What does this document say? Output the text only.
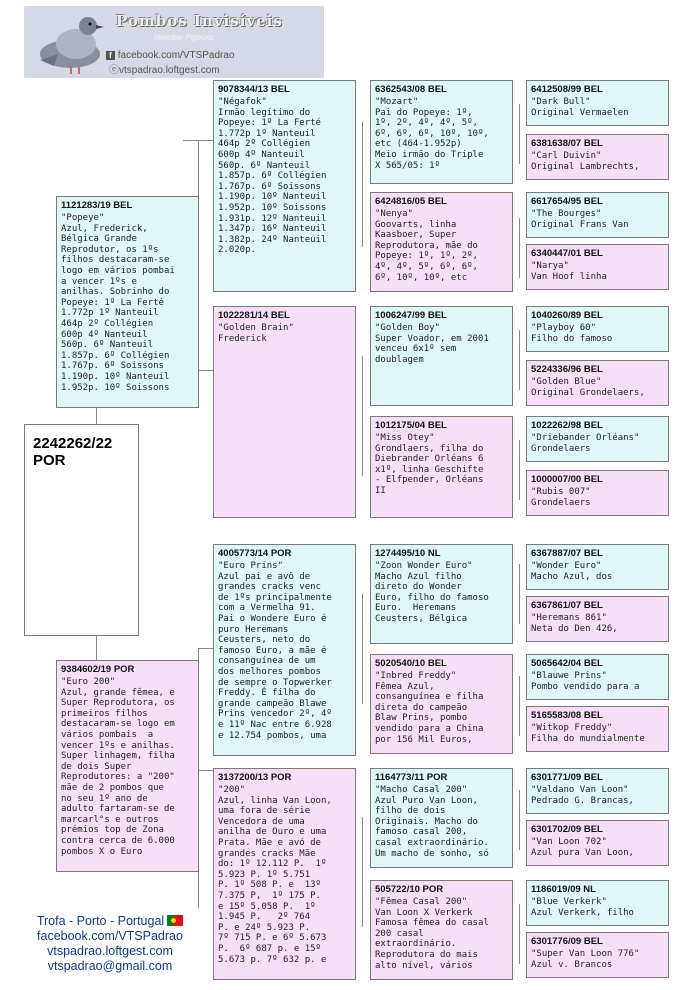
Pombos Invisíveis
Invisible Pigeons
f facebook.com/VTSPadrao ⓔvtspadrao.loftgest.com
1121283/19 BEL
"Popeye"
Azul, Frederick,
Bélgica Grande
Reprodutor, os 1ºs
filhos destacaram-se
logo em vários pombai
a vencer 1ºs e
anilhas. Sobrinho do
Popeye: 1º La Ferté
1.772p 1º Nanteuil
464p 2º Collégien
600p 4º Nanteuil
560p. 6º Nanteuil
1.857p. 6º Collégien
1.767p. 6º Soissons
1.190p. 10º Nanteuil
1.952p. 10º Soissons
2242262/22 POR
9384602/19 POR
"Euro 200"
Azul, grande fêmea, e
Super Reprodutora, os
primeiros filhos
destacaram-se logo em
vários pombais  a
vencer 1ºs e anilhas.
Super linhagem, filha
de dois Super
Reprodutores: a "200"
mãe de 2 pombos que
no seu 1º ano de
adulto fartaram-se de
marcarl°s e outros
prémios top de Zona
contra cerca de 6.000
pombos X o Euro
9078344/13 BEL
"Négafok"
Irmão legítimo do
Popeye: 1º La Ferté
1.772p 1º Nanteuil
464p 2º Collégien
600p 4º Nanteuil
560p. 6º Nanteuil
1.857p. 6º Collégien
1.767p. 6º Soissons
1.190p. 10º Nanteuil
1.952p. 10º Soissons
1.931p. 12º Nanteuil
1.347p. 16º Nanteuil
1.382p. 24º Nanteuil
2.020p.
1022281/14 BEL
"Golden Brain"
Frederick
4005773/14 POR
"Euro Prins"
Azul pai e avô de
grandes cracks venc
de 1ºs principalmente
com a Vermelha 91.
Pai o Wondere Euro é
puro Heremans
Ceusters, neto do
famoso Euro, a mãe é
consanguínea de um
dos melhores pombos
de sempre o Topwerker
Freddy. É filha do
grande campeão Blawe
Prins vencedor 2º, 4º
e 11º Nac entre 6.928
e 12.754 pombos, uma
3137200/13 POR
"200"
Azul, linha Van Loon,
uma fora de série
Vencedora de uma
anilha de Ouro e uma
Prata. Mãe e avó de
grandes cracks Mãe
do: 1º 12.112 P.  1º
5.923 P. 1º 5.751
P. 1º 508 P. e  13º
7.375 P,  1º 175 P.
e 15º 5.058 P.  1º
1.945 P.   2º 764
P. e 24º 5.923 P.
7º 715 P. e 6º 5.673
P.  6º 687 p. e 15º
5.673 p. 7º 632 p. e
6362543/08 BEL
"Mozart"
Pai do Popeye: 1º,
1º, 2º, 4º, 4º, 5º,
6º, 6º, 6º, 10º, 10º,
etc (464-1.952p)
Meio irmão do Triple
X 565/05: 1º
6424816/05 BEL
"Nenya"
Goovarts, linha
Kaasboer, Super
Reprodutora, mãe do
Popeye: 1º, 1º, 2º,
4º, 4º, 5º, 6º, 6º,
6º, 10º, 10º, etc
1006247/99 BEL
"Golden Boy"
Super Voador, em 2001
venceu 6x1º sem
doublagem
1012175/04 BEL
"Miss Otey"
Grondlaers, filha do
Diebrander Orléans 6
x1º, linha Geschifte
- Elfpender, Orléans
II
1274495/10 NL
"Zoon Wonder Euro"
Macho Azul filho
direto do Wonder
Euro, filho do famoso
Euro.  Heremans
Ceusters, Bélgica
5020540/10 BEL
"Inbred Freddy"
Fêmea Azul,
consanguínea e filha
direta do campeão
Blaw Prins, pombo
vendido para a China
por 156 Mil Euros,
1164773/11 POR
"Macho Casal 200"
Azul Puro Van Loon,
filho de dois
Originais. Macho do
famoso casal 200,
casal extraordinário.
Um macho de sonho, só
505722/10 POR
"Fêmea Casal 200"
Van Loon X Verkerk
Famosa fêmea do casal
200 casal
extraordinário.
Reprodutora do mais
alto nível, vários
6412508/99 BEL
"Dark Bull"
Original Vermaelen
6381638/07 BEL
"Carl Duivin"
Original Lambrechts,
6617654/95 BEL
"The Bourges"
Original Frans Van
6340447/01 BEL
"Narya"
Van Hoof linha
1040260/89 BEL
"Playboy 60"
Filho do famoso
5224336/96 BEL
"Golden Blue"
Original Grondelaers,
1022262/98 BEL
"Driebander Orléans"
Grondelaers
1000007/00 BEL
"Rubis 007"
Grondelaers
6367887/07 BEL
"Wonder Euro"
Macho Azul, dos
6367861/07 BEL
"Heremans 861"
Neta do Den 426,
5065642/04 BEL
"Blauwe Prins"
Pombo vendido para a
5165583/08 BEL
"Witkop Freddy"
Filha do mundialmente
6301771/09 BEL
"Valdano Van Loon"
Pedrado G. Brancas,
6301702/09 BEL
"Van Loon 702"
Azul pura Van Loon,
1186019/09 NL
"Blue Verkerk"
Azul Verkerk, filho
6301776/09 BEL
"Super Van Loon 776"
Azul v. Brancos
Trofa - Porto - Portugal
facebook.com/VTSPadrao
vtspadrao.loftgest.com
vtspadrao@gmail.com
